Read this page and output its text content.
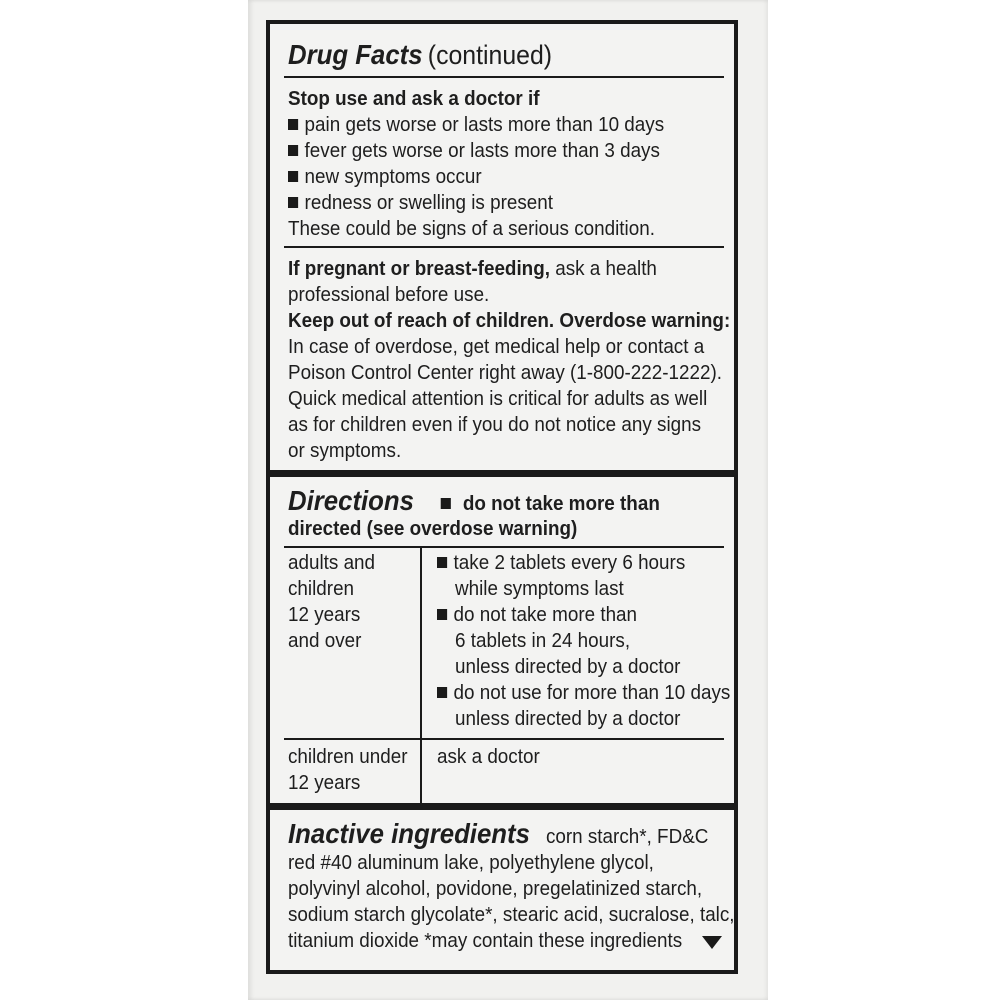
Drug Facts (continued)
Stop use and ask a doctor if
pain gets worse or lasts more than 10 days
fever gets worse or lasts more than 3 days
new symptoms occur
redness or swelling is present
These could be signs of a serious condition.
If pregnant or breast-feeding, ask a health
professional before use.
Keep out of reach of children. Overdose warning:
In case of overdose, get medical help or contact a
Poison Control Center right away (1-800-222-1222).
Quick medical attention is critical for adults as well
as for children even if you do not notice any signs
or symptoms.
Directions do not take more than
directed (see overdose warning)
adults and
children
12 years
and over
take 2 tablets every 6 hours
while symptoms last
do not take more than
6 tablets in 24 hours,
unless directed by a doctor
do not use for more than 10 days
unless directed by a doctor
children under
12 years
ask a doctor
Inactive ingredients corn starch*, FD&C
red #40 aluminum lake, polyethylene glycol,
polyvinyl alcohol, povidone, pregelatinized starch,
sodium starch glycolate*, stearic acid, sucralose, talc,
titanium dioxide *may contain these ingredients
